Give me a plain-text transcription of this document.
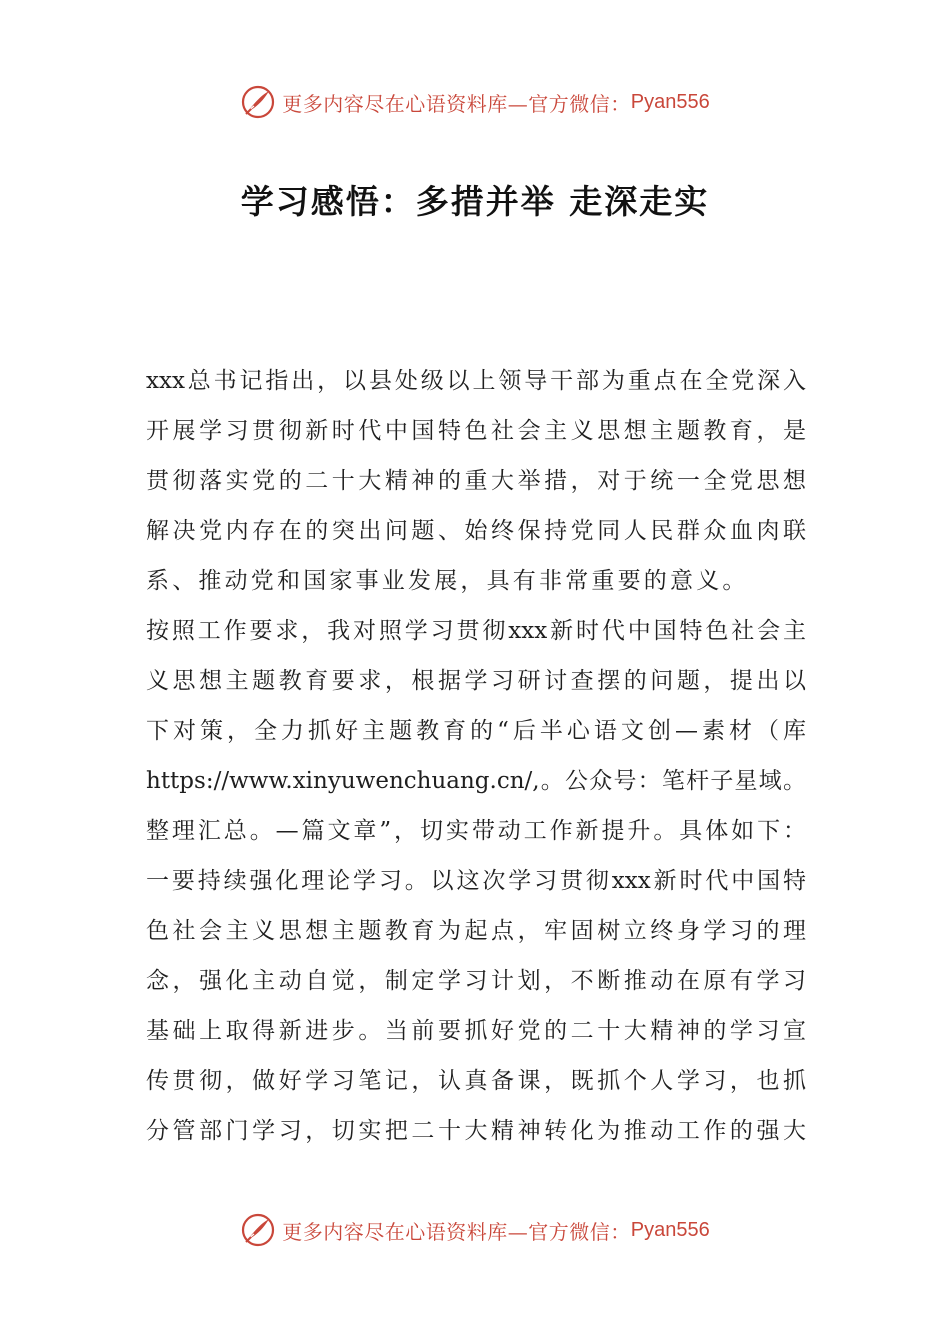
更多内容尽在心语资料库—官方微信： Pyan556
学习感悟：多措并举 走深走实
xxx总书记指出，以县处级以上领导干部为重点在全党深入
开展学习贯彻新时代中国特色社会主义思想主题教育，是
贯彻落实党的二十大精神的重大举措，对于统一全党思想
解决党内存在的突出问题、始终保持党同人民群众血肉联
系、推动党和国家事业发展，具有非常重要的意义。
按照工作要求，我对照学习贯彻xxx新时代中国特色社会主
义思想主题教育要求，根据学习研讨查摆的问题，提出以
下对策，全力抓好主题教育的“后半心语文创—素材（库
https://www.xinyuwenchuang.cn/,。公众号：笔杆子星域。
整理汇总。—篇文章”，切实带动工作新提升。具体如下：
一要持续强化理论学习。以这次学习贯彻xxx新时代中国特
色社会主义思想主题教育为起点，牢固树立终身学习的理
念，强化主动自觉，制定学习计划，不断推动在原有学习
基础上取得新进步。当前要抓好党的二十大精神的学习宣
传贯彻，做好学习笔记，认真备课，既抓个人学习，也抓
分管部门学习，切实把二十大精神转化为推动工作的强大
更多内容尽在心语资料库—官方微信： Pyan556
